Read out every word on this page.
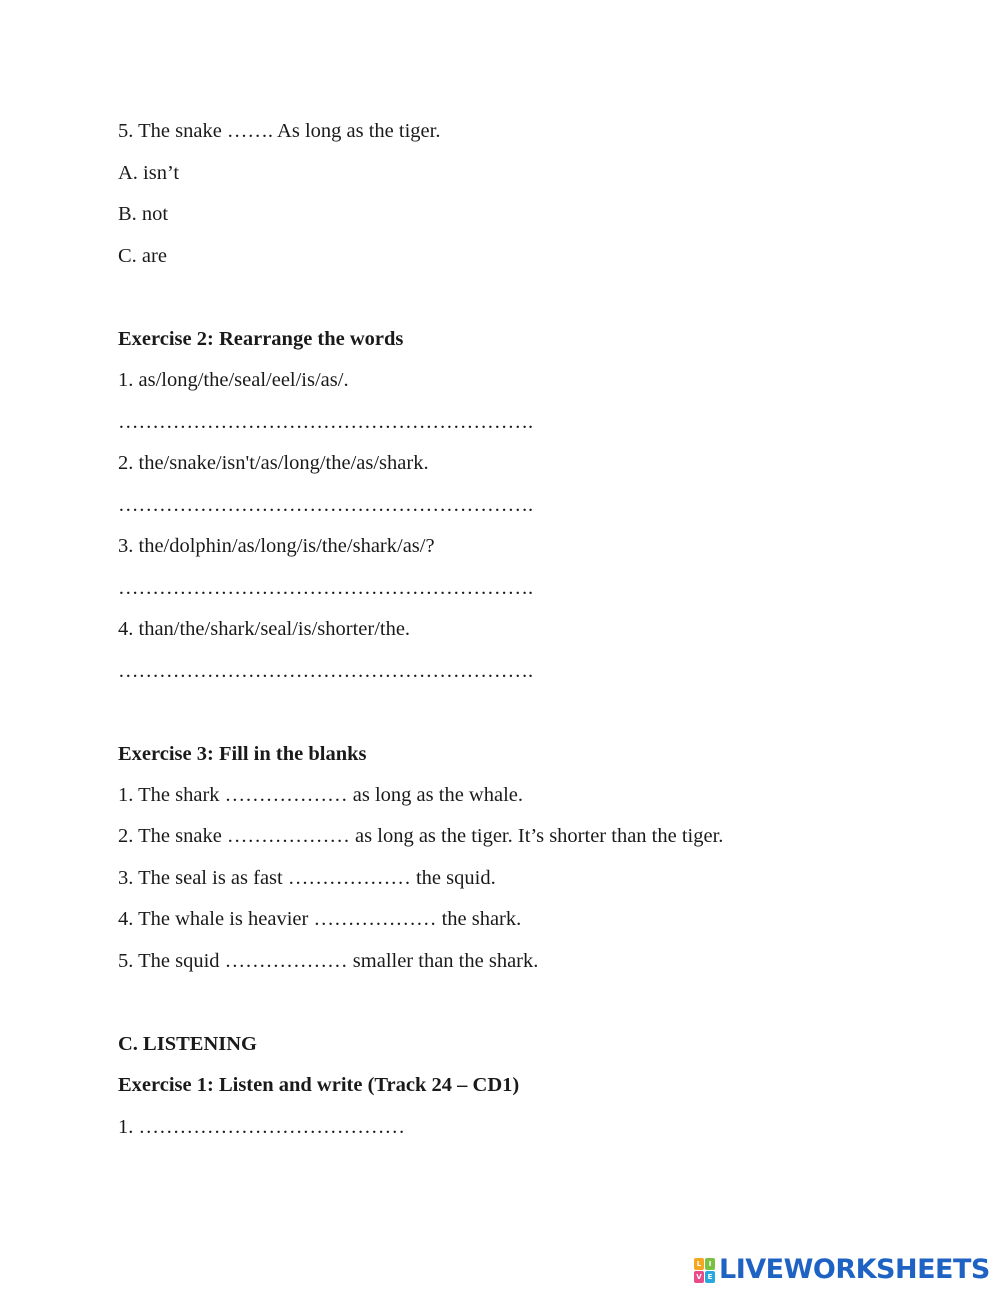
5. The snake ……. As long as the tiger.
A. isn’t
B. not
C. are
Exercise 2: Rearrange the words
1. as/long/the/seal/eel/is/as/.
…………………………………………………….
2. the/snake/isn't/as/long/the/as/shark.
…………………………………………………….
3. the/dolphin/as/long/is/the/shark/as/?
…………………………………………………….
4. than/the/shark/seal/is/shorter/the.
…………………………………………………….
Exercise 3: Fill in the blanks
1. The shark ……………… as long as the whale.
2. The snake ……………… as long as the tiger. It’s shorter than the tiger.
3. The seal is as fast ……………… the squid.
4. The whale is heavier ……………… the shark.
5. The squid ……………… smaller than the shark.
C. LISTENING
Exercise 1: Listen and write (Track 24 – CD1)
1. …………………………………
L	I
V E LIVEWORKSHEETS
